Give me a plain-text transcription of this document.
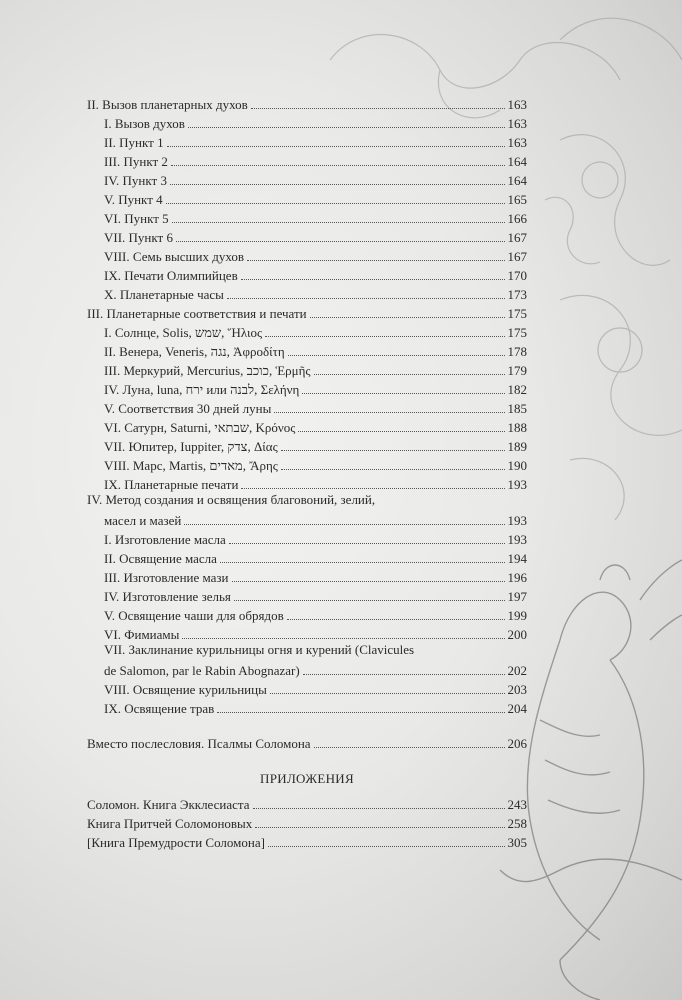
II. Вызов планетарных духов	163
I. Вызов духов	163
II. Пункт 1	163
III. Пункт 2	164
IV. Пункт 3	164
V. Пункт 4	165
VI. Пункт 5	166
VII. Пункт 6	167
VIII. Семь высших духов	167
IX. Печати Олимпийцев	170
X. Планетарные часы	173
III. Планетарные соответствия и печати	175
I. Солнце, Solis, שמש, Ἥλιος	175
II. Венера, Veneris, נגה, Ἀφροδίτη	178
III. Меркурий, Mercurius, כוכב, Ἑρμῆς	179
IV. Луна, luna, ירח или לבנה, Σελήνη	182
V. Соответствия 30 дней луны	185
VI. Сатурн, Saturni, שבתאי, Κρόνος	188
VII. Юпитер, Iuppiter, צדק, Δίας	189
VIII. Марс, Martis, מאדים, Ἄρης	190
IX. Планетарные печати	193
IV. Метод создания и освящения благовоний, зелий,
масел и мазей	193
I. Изготовление масла	193
II. Освящение масла	194
III. Изготовление мази	196
IV. Изготовление зелья	197
V. Освящение чаши для обрядов	199
VI. Фимиамы	200
VII. Заклинание курильницы огня и курений (Clavicules
de Salomon, par le Rabin Abognazar)	202
VIII. Освящение курильницы	203
IX. Освящение трав	204
Вместо послесловия. Псалмы Соломона	206
Соломон. Книга Экклесиаста	243
Книга Притчей Соломоновых	258
[Книга Премудрости Соломона]	305
ПРИЛОЖЕНИЯ
